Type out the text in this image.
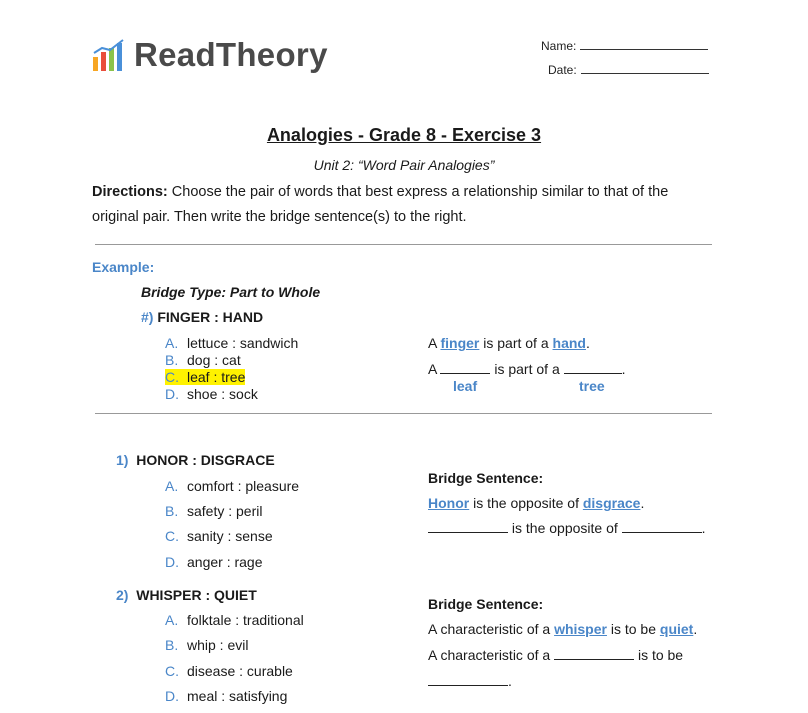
ReadTheory	Name:
Date:
Analogies - Grade 8 - Exercise 3
Unit 2: “Word Pair Analogies”
Directions: Choose the pair of words that best express a relationship similar to that of the original pair. Then write the bridge sentence(s) to the right.
Example:
Bridge Type: Part to Whole
#) FINGER : HAND
A. lettuce : sandwich
B. dog : cat
C. leaf : tree
D. shoe : sock
A finger is part of a hand.
A	is part of a	.
leaf	tree
1) HONOR : DISGRACE
A. comfort : pleasure
B. safety : peril
C. sanity : sense
D. anger : rage
Bridge Sentence:
Honor is the opposite of disgrace.
is the opposite of	.
2) WHISPER : QUIET
A. folktale : traditional
B. whip : evil
C. disease : curable
D. meal : satisfying
Bridge Sentence:
A characteristic of a whisper is to be quiet.
A characteristic of a	is to be
.
